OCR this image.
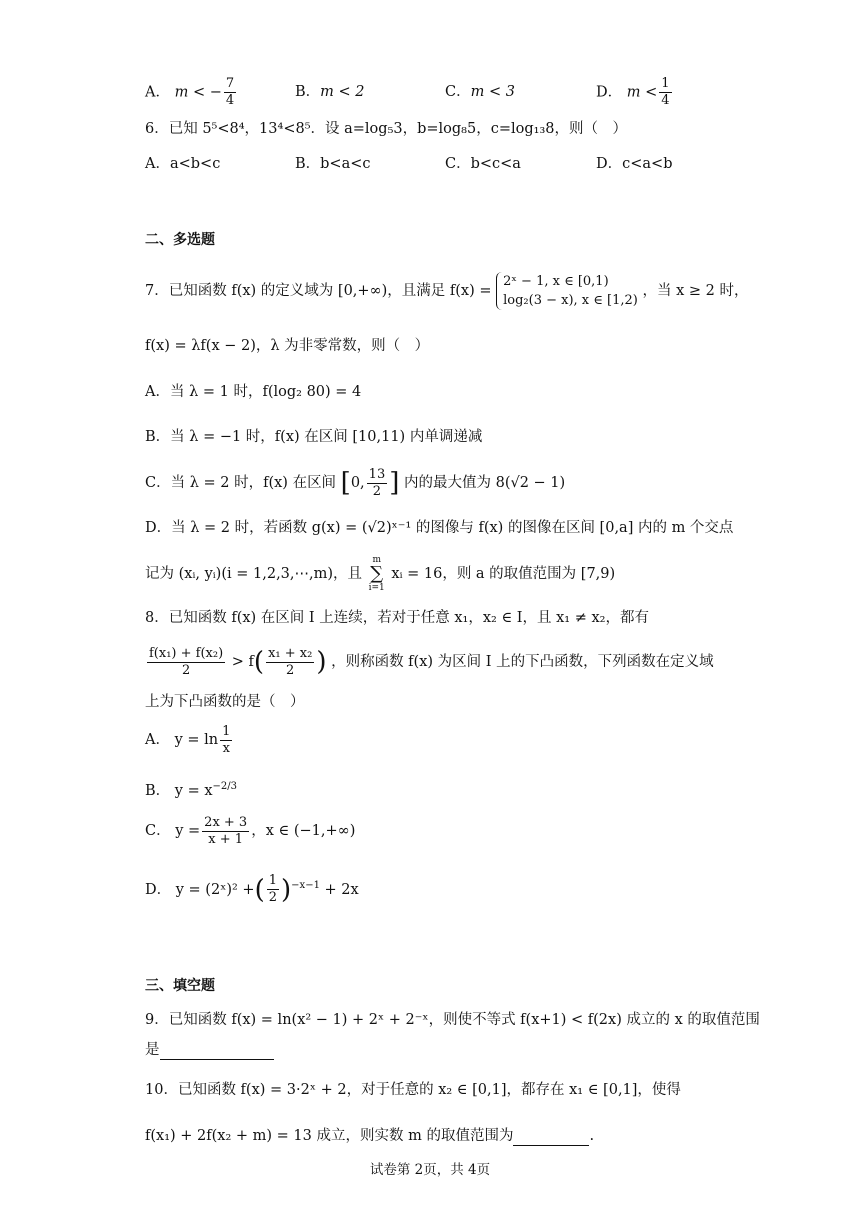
A． m < − $\frac{7}{4}$	B．m < 2	C．m < 3	D． $m < \frac{1}{4}$
6．已知 5⁵<8⁴，13⁴<8⁵．设 a=log₅3，b=log₈5，c=log₁₃8，则（　）
A．a<b<c	B．b<a<c	C．b<c<a	D．c<a<b
二、多选题
7．已知函数 f(x) 的定义域为 [0,+∞)，且满足 f(x) =
2ˣ − 1, x ∈ [0,1)
log₂(3 − x), x ∈ [1,2)
，当 x ≥ 2 时，
f(x) = λf(x − 2)，λ 为非零常数，则（　）
A．当 λ = 1 时，f(log₂ 80) = 4
B．当 λ = −1 时，f(x) 在区间 [10,11) 内单调递减
C．当 λ = 2 时，f(x) 在区间 [0, $\frac{13}{2}$ ] 内的最大值为 8(√2 − 1)
D．当 λ = 2 时，若函数 g(x) = (√2)ˣ⁻¹ 的图像与 f(x) 的图像在区间 [0,a] 内的 m 个交点
记为 (xᵢ, yᵢ)(i = 1,2,3,⋯,m)，且
m
∑
i=1
xᵢ = 16，则 a 的取值范围为 [7,9)
8．已知函数 f(x) 在区间 I 上连续，若对于任意 x₁，x₂ ∈ I，且 x₁ ≠ x₂，都有
$\frac{\text{f(x₁) + f(x₂)}}{2} > f( \frac{\text{x₁ + x₂}}{2}$ ) ，则称函数 f(x) 为区间 I 上的下凸函数，下列函数在定义域
上为下凸函数的是（　）
A． $y = \ln \frac{1}{x}$
B． $y = x^{-2/3}$
C． $y = \frac{2x + 3}{x + 1}$ ，x ∈ (−1,+∞)
D． y = (2ˣ)² +( $\frac{1}{2} )^{-x-1} + 2x$
三、填空题
9．已知函数 f(x) = ln(x² − 1) + 2ˣ + 2⁻ˣ，则使不等式 f(x+1) < f(2x) 成立的 x 的取值范围
是
10．已知函数 f(x) = 3·2ˣ + 2，对于任意的 x₂ ∈ [0,1]，都存在 x₁ ∈ [0,1]，使得
f(x₁) + 2f(x₂ + m) = 13 成立，则实数 m 的取值范围为	.
试卷第 2页，共 4页
